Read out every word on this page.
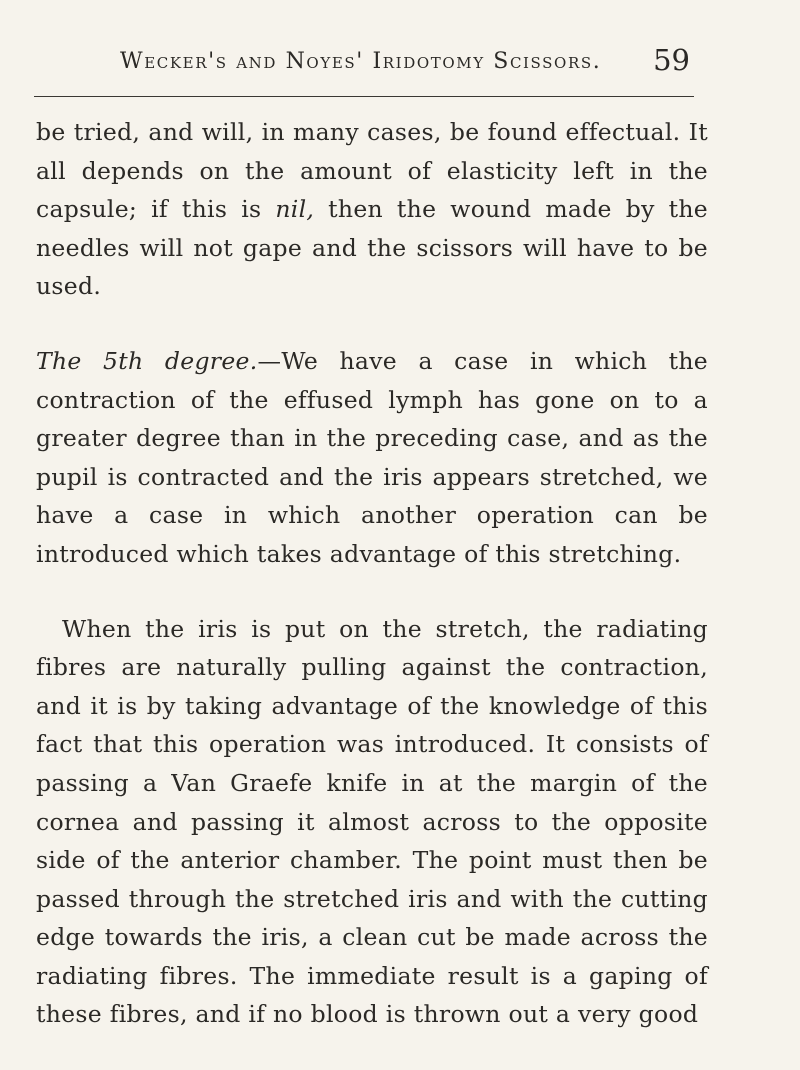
Wecker's and Noyes' Iridotomy Scissors. 59

be tried, and will, in many cases, be found effectual. It all depends on the amount of elasticity left in the capsule; if this is nil, then the wound made by the needles will not gape and the scissors will have to be used.

The 5th degree.—We have a case in which the contraction of the effused lymph has gone on to a greater degree than in the preceding case, and as the pupil is contracted and the iris appears stretched, we have a case in which another operation can be introduced which takes advantage of this stretching.

When the iris is put on the stretch, the radiating fibres are naturally pulling against the contraction, and it is by taking advantage of the knowledge of this fact that this operation was introduced. It consists of passing a Van Graefe knife in at the margin of the cornea and passing it almost across to the opposite side of the anterior chamber. The point must then be passed through the stretched iris and with the cutting edge towards the iris, a clean cut be made across the radiating fibres. The immediate result is a gaping of these fibres, and if no blood is thrown out a very good
